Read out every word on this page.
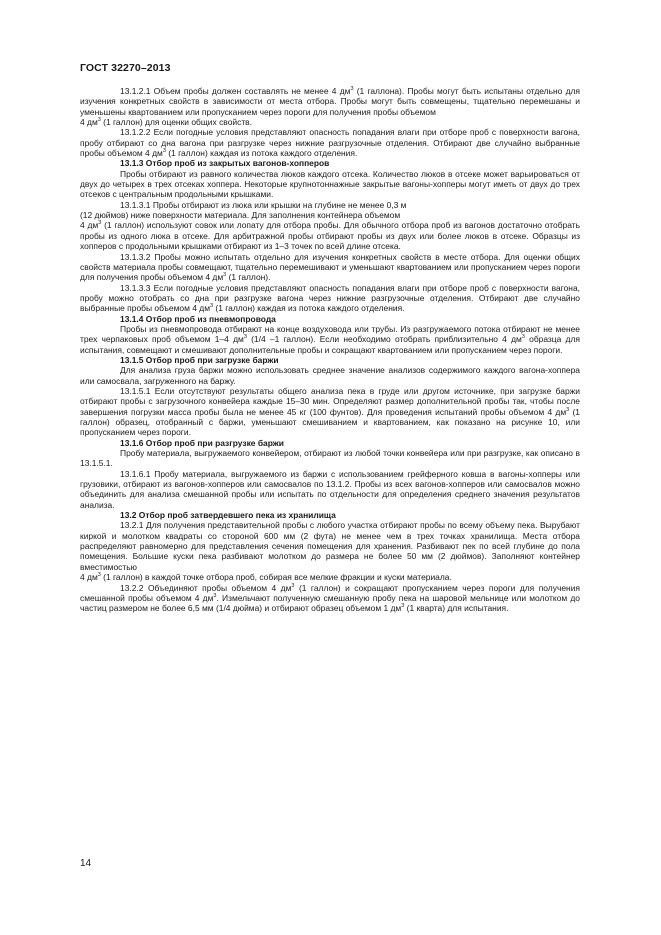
ГОСТ 32270–2013

13.1.2.1 Объем пробы должен составлять не менее 4 $дм^3$ (1 галлона). Пробы могут быть испытаны отдельно для изучения конкретных свойств в зависимости от места отбора. Пробы могут быть совмещены, тщательно перемешаны и уменьшены квартованием или пропусканием через пороги для получения пробы объемом

4 $дм^3$ (1 галлон) для оценки общих свойств.

13.1.2.2 Если погодные условия представляют опасность попадания влаги при отборе проб с поверхности вагона, пробу отбирают со дна вагона при разгрузке через нижние разгрузочные отделения. Отбирают две случайно выбранные пробы объемом 4 $дм^3$ (1 галлон) каждая из потока каждого отделения.

13.1.3 Отбор проб из закрытых вагонов-хопперов

Пробы отбирают из равного количества люков каждого отсека. Количество люков в отсеке может варьироваться от двух до четырех в трех отсеках хоппера. Некоторые крупнотоннажные закрытые вагоны-хопперы могут иметь от двух до трех отсеков с центральным продольными крышками.

13.1.3.1 Пробы отбирают из люка или крышки на глубине не менее 0,3 м

(12 дюймов) ниже поверхности материала. Для заполнения контейнера объемом

4 $дм^3$ (1 галлон) используют совок или лопату для отбора пробы. Для обычного отбора проб из вагонов достаточно отобрать пробы из одного люка в отсеке. Для арбитражной пробы отбирают пробы из двух или более люков в отсеке. Образцы из хопперов с продольными крышками отбирают из 1–3 точек по всей длине отсека.

13.1.3.2 Пробы можно испытать отдельно для изучения конкретных свойств в месте отбора. Для оценки общих свойств материала пробы совмещают, тщательно перемешивают и уменьшают квартованием или пропусканием через пороги для получения пробы объемом 4 $дм^3$ (1 галлон).

13.1.3.3 Если погодные условия представляют опасность попадания влаги при отборе проб с поверхности вагона, пробу можно отобрать со дна при разгрузке вагона через нижние разгрузочные отделения. Отбирают две случайно выбранные пробы объемом 4 $дм^3$ (1 галлон) каждая из потока каждого отделения.

13.1.4 Отбор проб из пневмопровода

Пробы из пневмопровода отбирают на конце воздуховода или трубы. Из разгружаемого потока отбирают не менее трех черпаковых проб объемом 1–4 $дм^3$ (1/4 –1 галлон). Если необходимо отобрать приблизительно 4 $дм^3$ образца для испытания, совмещают и смешивают дополнительные пробы и сокращают квартованием или пропусканием через пороги.

13.1.5 Отбор проб при загрузке баржи

Для анализа груза баржи можно использовать среднее значение анализов содержимого каждого вагона-хоппера или самосвала, загруженного на баржу.

13.1.5.1 Если отсутствуют результаты общего анализа пека в груде или другом источнике, при загрузке баржи отбирают пробы с загрузочного конвейера каждые 15–30 мин. Определяют размер дополнительной пробы так, чтобы после завершения погрузки масса пробы была не менее 45 кг (100 фунтов). Для проведения испытаний пробы объемом 4 $дм^3$ (1 галлон) образец, отобранный с баржи, уменьшают смешиванием и квартованием, как показано на рисунке 10, или пропусканием через пороги.

13.1.6 Отбор проб при разгрузке баржи

Пробу материала, выгружаемого конвейером, отбирают из любой точки конвейера или при разгрузке, как описано в 13.1.5.1.

13.1.6.1 Пробу материала, выгружаемого из баржи с использованием грейферного ковша в вагоны-хопперы или грузовики, отбирают из вагонов-хопперов или самосвалов по 13.1.2. Пробы из всех вагонов-хопперов или самосвалов можно объединить для анализа смешанной пробы или испытать по отдельности для определения среднего значения результатов анализа.

13.2 Отбор проб затвердевшего пека из хранилища

13.2.1 Для получения представительной пробы с любого участка отбирают пробы по всему объему пека. Вырубают киркой и молотком квадраты со стороной 600 мм (2 фута) не менее чем в трех точках хранилища. Места отбора распределяют равномерно для представления сечения помещения для хранения. Разбивают пек по всей глубине до пола помещения. Большие куски пека разбивают молотком до размера не более 50 мм (2 дюймов). Заполняют контейнер вместимостью

4 $дм^3$ (1 галлон) в каждой точке отбора проб, собирая все мелкие фракции и куски материала.

13.2.2 Объединяют пробы объемом 4 $дм^3$ (1 галлон) и сокращают пропусканием через пороги для получения смешанной пробы объемом 4 $дм^3$. Измельчают полученную смешанную пробу пека на шаровой мельнице или молотком до частиц размером не более 6,5 мм (1/4 дюйма) и отбирают образец объемом 1 $дм^3$ (1 кварта) для испытания.

14
